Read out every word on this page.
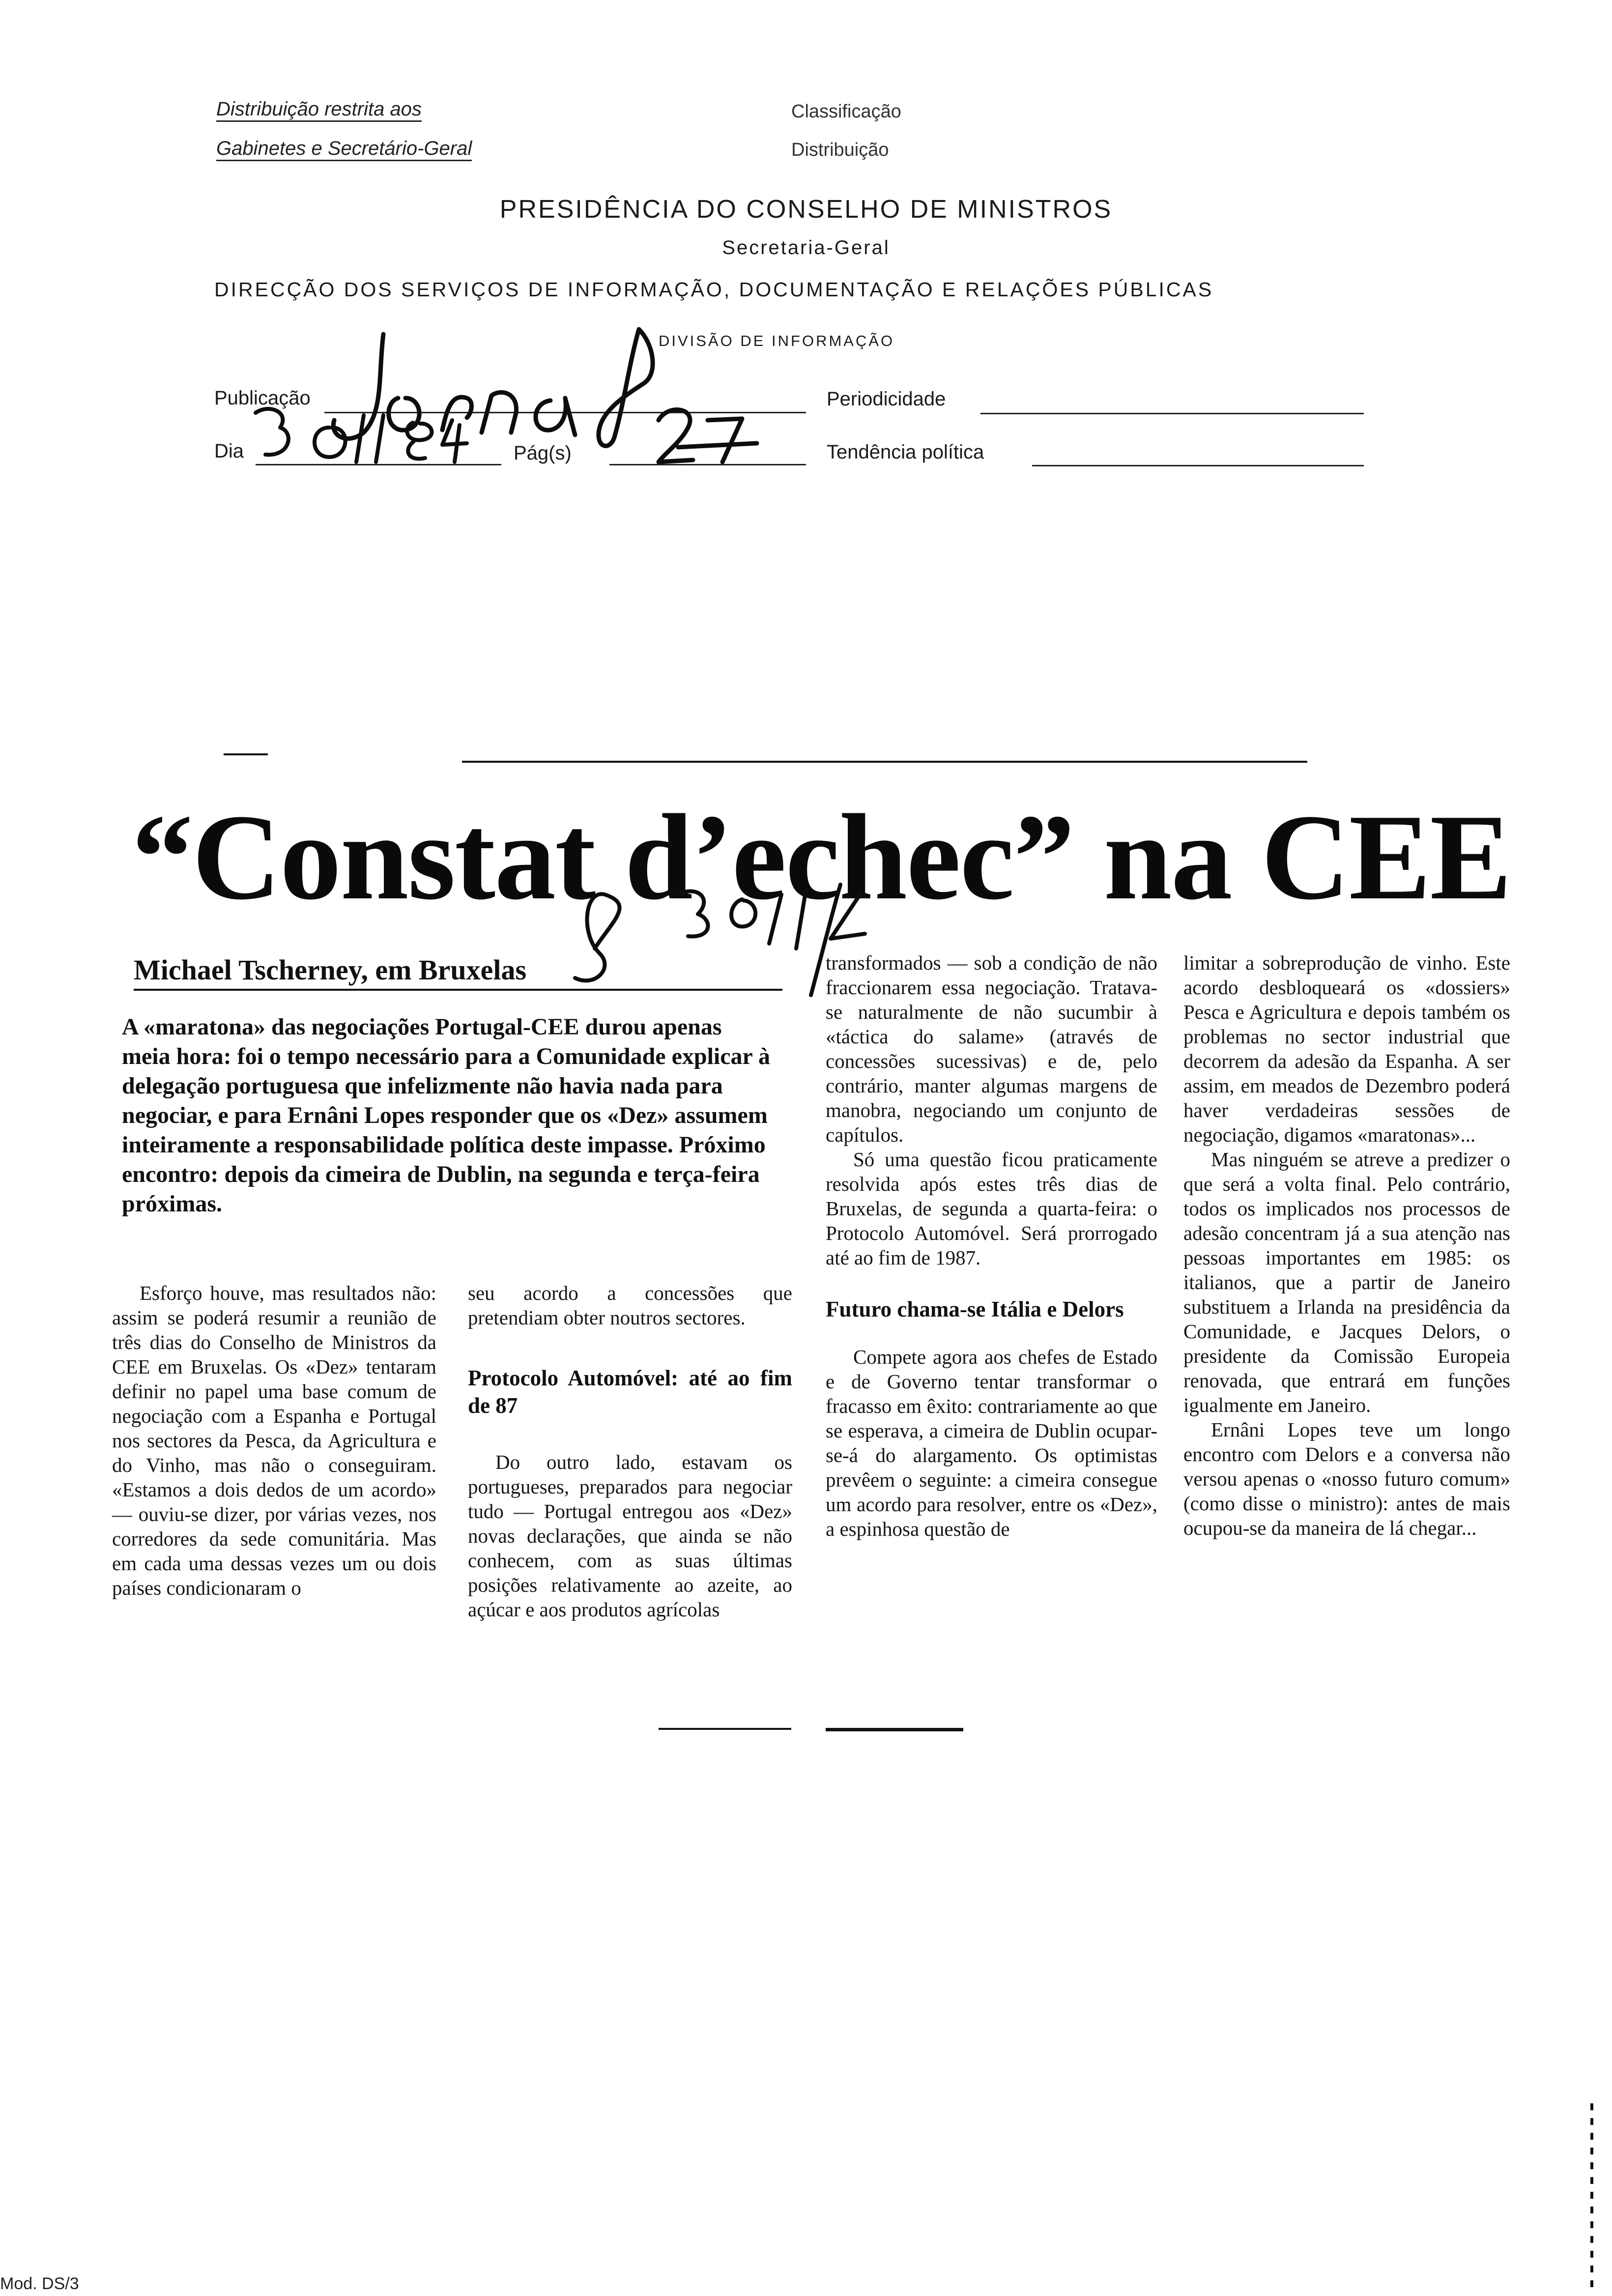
Distribuição restrita aos
Gabinetes e Secretário-Geral
Classificação
Distribuição
PRESIDÊNCIA DO CONSELHO DE MINISTROS
Secretaria-Geral
DIRECÇÃO DOS SERVIÇOS DE INFORMAÇÃO, DOCUMENTAÇÃO E RELAÇÕES PÚBLICAS
DIVISÃO DE INFORMAÇÃO
Publicação	Periodicidade
Dia	Pág(s)	Tendência política
“Constat d’echec” na CEE
Michael Tscherney, em Bruxelas
A «maratona» das negociações Portugal-CEE durou apenas meia hora: foi o tempo necessário para a Comunidade explicar à delegação portuguesa que infelizmente não havia nada para negociar, e para Ernâni Lopes responder que os «Dez» assumem inteiramente a responsabilidade política deste impasse. Próximo encontro: depois da cimeira de Dublin, na segunda e terça-feira próximas.

Esforço houve, mas resultados não: assim se poderá resumir a reunião de três dias do Conselho de Ministros da CEE em Bruxelas. Os «Dez» tentaram definir no papel uma base comum de negociação com a Espanha e Portugal nos sectores da Pesca, da Agricultura e do Vinho, mas não o conseguiram. «Estamos a dois dedos de um acordo» — ouviu-se dizer, por várias vezes, nos corredores da sede comunitária. Mas em cada uma dessas vezes um ou dois países condicionaram o

seu acordo a concessões que pretendiam obter noutros sectores.

Protocolo Automóvel: até ao fim de 87

Do outro lado, estavam os portugueses, preparados para negociar tudo — Portugal entregou aos «Dez» novas declarações, que ainda se não conhecem, com as suas últimas posições relativamente ao azeite, ao açúcar e aos produtos agrícolas

transformados — sob a condição de não fraccionarem essa negociação. Tratava-se naturalmente de não sucumbir à «táctica do salame» (através de concessões sucessivas) e de, pelo contrário, manter algumas margens de manobra, negociando um conjunto de capítulos.

Só uma questão ficou praticamente resolvida após estes três dias de Bruxelas, de segunda a quarta-feira: o Protocolo Automóvel. Será prorrogado até ao fim de 1987.

Futuro chama-se Itália e Delors

Compete agora aos chefes de Estado e de Governo tentar transformar o fracasso em êxito: contrariamente ao que se esperava, a cimeira de Dublin ocupar-se-á do alargamento. Os optimistas prevêem o seguinte: a cimeira consegue um acordo para resolver, entre os «Dez», a espinhosa questão de

limitar a sobreprodução de vinho. Este acordo desbloqueará os «dossiers» Pesca e Agricultura e depois também os problemas no sector industrial que decorrem da adesão da Espanha. A ser assim, em meados de Dezembro poderá haver verdadeiras sessões de negociação, digamos «maratonas»...

Mas ninguém se atreve a predizer o que será a volta final. Pelo contrário, todos os implicados nos processos de adesão concentram já a sua atenção nas pessoas importantes em 1985: os italianos, que a partir de Janeiro substituem a Irlanda na presidência da Comunidade, e Jacques Delors, o presidente da Comissão Europeia renovada, que entrará em funções igualmente em Janeiro.

Ernâni Lopes teve um longo encontro com Delors e a conversa não versou apenas o «nosso futuro comum» (como disse o ministro): antes de mais ocupou-se da maneira de lá chegar...

Mod. DS/3
